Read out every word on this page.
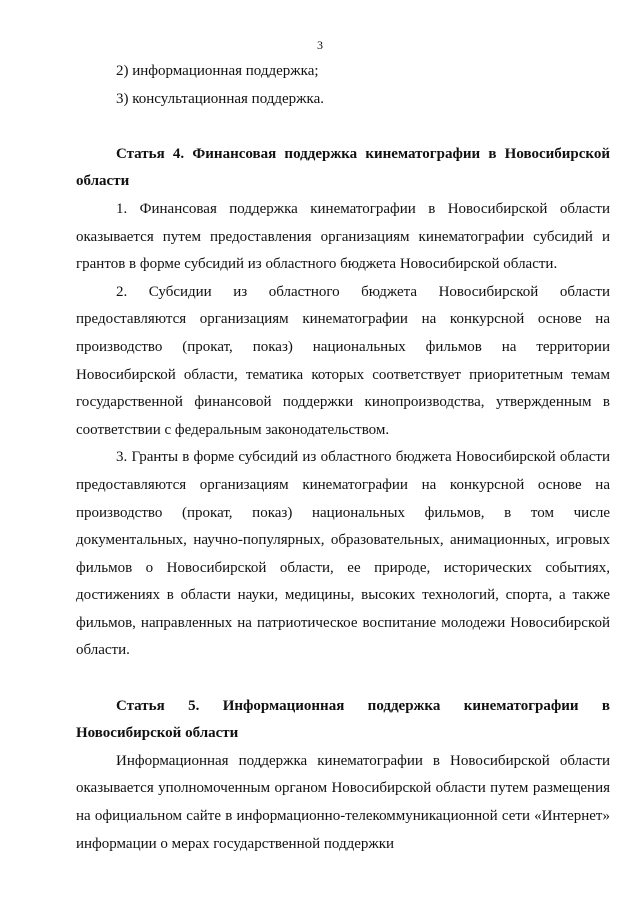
3

2) информационная поддержка;

3) консультационная поддержка.

Статья 4. Финансовая поддержка кинематографии в Новосибирской области

1. Финансовая поддержка кинематографии в Новосибирской области оказывается путем предоставления организациям кинематографии субсидий и грантов в форме субсидий из областного бюджета Новосибирской области.

2. Субсидии из областного бюджета Новосибирской области предоставляются организациям кинематографии на конкурсной основе на производство (прокат, показ) национальных фильмов на территории Новосибирской области, тематика которых соответствует приоритетным темам государственной финансовой поддержки кинопроизводства, утвержденным в соответствии с федеральным законодательством.

3. Гранты в форме субсидий из областного бюджета Новосибирской области предоставляются организациям кинематографии на конкурсной основе на производство (прокат, показ) национальных фильмов, в том числе документальных, научно-популярных, образовательных, анимационных, игровых фильмов о Новосибирской области, ее природе, исторических событиях, достижениях в области науки, медицины, высоких технологий, спорта, а также фильмов, направленных на патриотическое воспитание молодежи Новосибирской области.

Статья 5. Информационная поддержка кинематографии в Новосибирской области

Информационная поддержка кинематографии в Новосибирской области оказывается уполномоченным органом Новосибирской области путем размещения на официальном сайте в информационно-телекоммуникационной сети «Интернет» информации о мерах государственной поддержки
